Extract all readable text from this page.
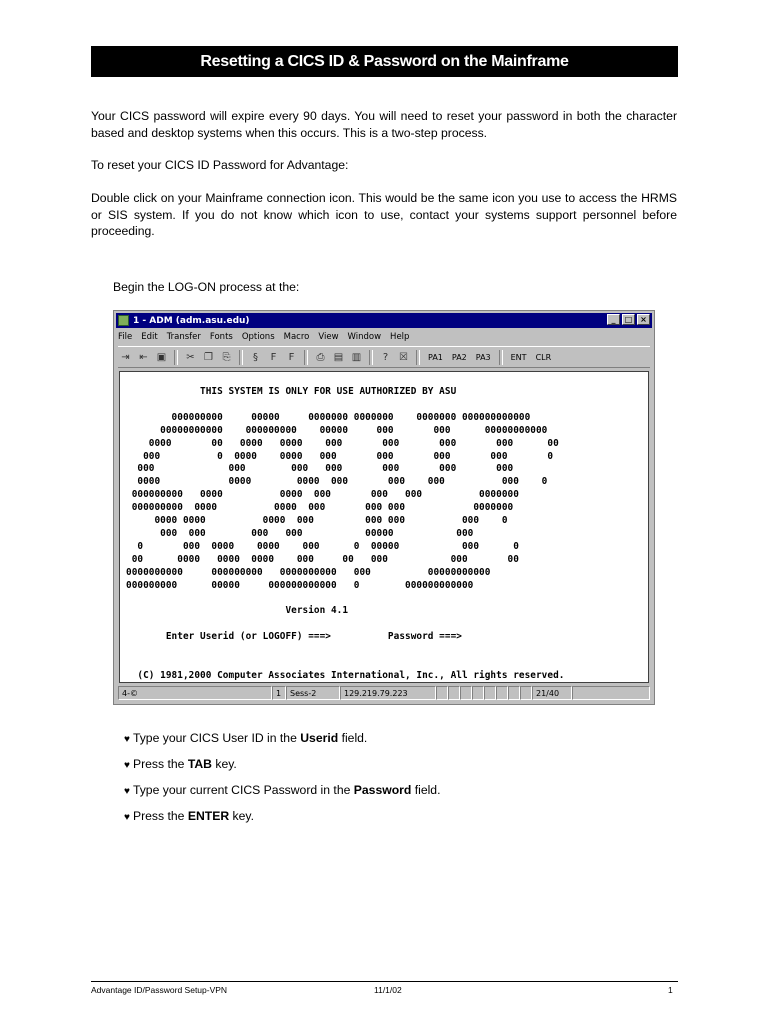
Resetting a CICS ID & Password on the Mainframe

Your CICS password will expire every 90 days. You will need to reset your password in both the character based and desktop systems when this occurs. This is a two-step process.

To reset your CICS ID Password for Advantage:

Double click on your Mainframe connection icon. This would be the same icon you use to access the HRMS or SIS system. If you do not know which icon to use, contact your systems support personnel before proceeding.

Begin the LOG-ON process at the:

1 - ADM (adm.asu.edu)	_	□ ×
File Edit Transfer Fonts Options Macro View Window Help
⇥ ⇤ ▣	✂ ❐ ⎘	§	F	F	⎙ ▤ ▥	?	☒	PA1	PA2	PA3	ENT	CLR
THIS SYSTEM IS ONLY FOR USE AUTHORIZED BY ASU

000000000     00000     0000000 0000000    0000000 000000000000
00000000000    000000000    00000     000       000      00000000000
0000       00   0000   0000    000       000       000       000      00
000          0  0000    0000   000       000       000       000       0
000             000        000   000       000       000       000
0000            0000        0000  000       000    000          000    0
000000000   0000          0000  000       000   000          0000000
000000000  0000          0000  000       000 000            0000000
0000 0000          0000  000         000 000          000    0
000  000        000   000           00000           000
0       000  0000    0000    000      0  00000           000      0
00      0000   0000  0000    000     00   000           000       00
0000000000     000000000   0000000000   000          00000000000
000000000      00000     000000000000   0        000000000000

Version 4.1

Enter Userid (or LOGOFF) ===>          Password ===>

(C) 1981,2000 Computer Associates International, Inc., All rights reserved.
4-©	1	Sess-2	129.219.79.223	21/40

♥ Type your CICS User ID in the Userid field.

♥ Press the TAB key.

♥ Type your current CICS Password in the Password field.

♥ Press the ENTER key.

Advantage ID/Password Setup-VPN	11/1/02	1
